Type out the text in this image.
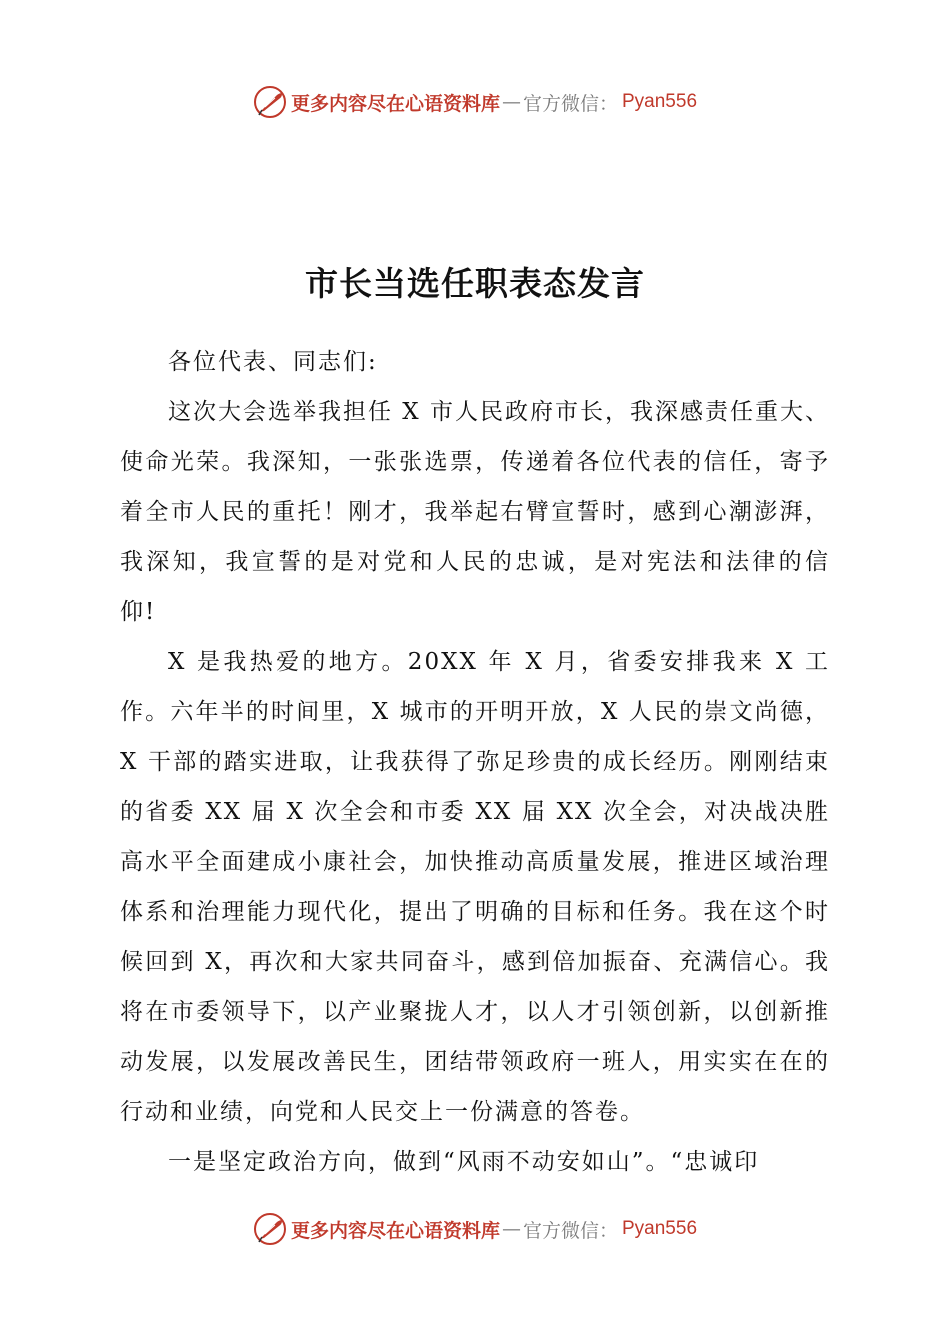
更多内容尽在心语资料库 — 官方微信： Pyan556
市长当选任职表态发言

各位代表、同志们:

这次大会选举我担任 X 市人民政府市长，我深感责任重大、使命光荣。我深知，一张张选票，传递着各位代表的信任，寄予着全市人民的重托！刚才，我举起右臂宣誓时，感到心潮澎湃，我深知，我宣誓的是对党和人民的忠诚，是对宪法和法律的信仰!

X 是我热爱的地方。20XX 年 X 月，省委安排我来 X 工作。六年半的时间里，X 城市的开明开放，X 人民的崇文尚德，X 干部的踏实进取，让我获得了弥足珍贵的成长经历。刚刚结束的省委 XX 届 X 次全会和市委 XX 届 XX 次全会，对决战决胜高水平全面建成小康社会，加快推动高质量发展，推进区域治理体系和治理能力现代化，提出了明确的目标和任务。我在这个时候回到 X，再次和大家共同奋斗，感到倍加振奋、充满信心。我将在市委领导下，以产业聚拢人才，以人才引领创新，以创新推动发展，以发展改善民生，团结带领政府一班人，用实实在在的行动和业绩，向党和人民交上一份满意的答卷。

一是坚定政治方向，做到“风雨不动安如山”。“忠诚印

更多内容尽在心语资料库 — 官方微信： Pyan556
